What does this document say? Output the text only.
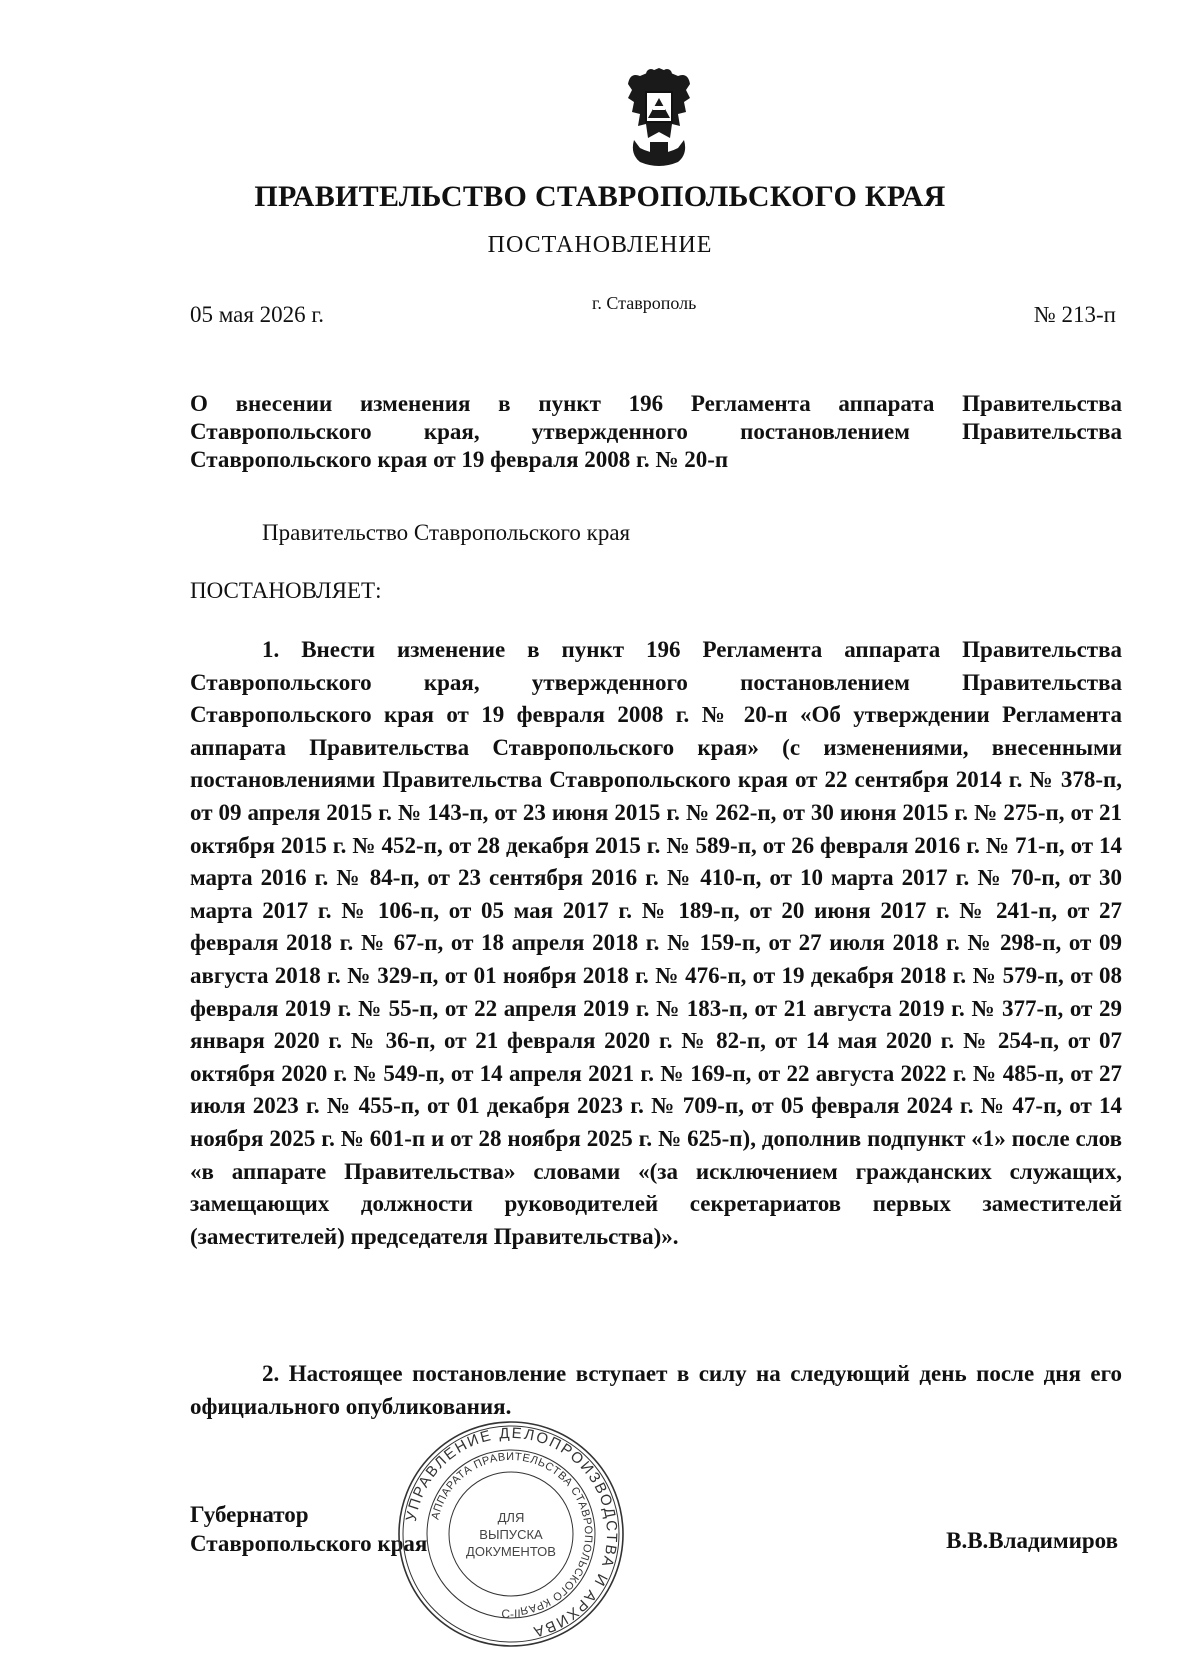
ПРАВИТЕЛЬСТВО СТАВРОПОЛЬСКОГО КРАЯ
ПОСТАНОВЛЕНИЕ
05 мая 2026 г.	г. Ставрополь	№ 213-п
О внесении изменения в пункт 196 Регламента аппарата Правительства Ставропольского края, утвержденного постановлением Правительства Ставропольского края от 19 февраля 2008 г. № 20-п
Правительство Ставропольского края
ПОСТАНОВЛЯЕТ:
1. Внести изменение в пункт 196 Регламента аппарата Правительства Ставропольского края, утвержденного постановлением Правительства Ставропольского края от 19 февраля 2008 г. № 20-п «Об утверждении Регламента аппарата Правительства Ставропольского края» (с изменениями, внесенными постановлениями Правительства Ставропольского края от 22 сентября 2014 г. № 378-п, от 09 апреля 2015 г. № 143-п, от 23 июня 2015 г. № 262-п, от 30 июня 2015 г. № 275-п, от 21 октября 2015 г. № 452-п, от 28 декабря 2015 г. № 589-п, от 26 февраля 2016 г. № 71-п, от 14 марта 2016 г. № 84-п, от 23 сентября 2016 г. № 410-п, от 10 марта 2017 г. № 70-п, от 30 марта 2017 г. № 106-п, от 05 мая 2017 г. № 189-п, от 20 июня 2017 г. № 241-п, от 27 февраля 2018 г. № 67-п, от 18 апреля 2018 г. № 159-п, от 27 июля 2018 г. № 298-п, от 09 августа 2018 г. № 329-п, от 01 ноября 2018 г. № 476-п, от 19 декабря 2018 г. № 579-п, от 08 февраля 2019 г. № 55-п, от 22 апреля 2019 г. № 183-п, от 21 августа 2019 г. № 377-п, от 29 января 2020 г. № 36-п, от 21 февраля 2020 г. № 82-п, от 14 мая 2020 г. № 254-п, от 07 октября 2020 г. № 549-п, от 14 апреля 2021 г. № 169-п, от 22 августа 2022 г. № 485-п, от 27 июля 2023 г. № 455-п, от 01 декабря 2023 г. № 709-п, от 05 февраля 2024 г. № 47-п, от 14 ноября 2025 г. № 601-п и от 28 ноября 2025 г. № 625-п), дополнив подпункт «1» после слов «в аппарате Правительства» словами «(за исключением гражданских служащих, замещающих должности руководителей секретариатов первых заместителей (заместителей) председателя Правительства)».
2. Настоящее постановление вступает в силу на следующий день после дня его официального опубликования.
Губернатор
Ставропольского края	В.В.Владимиров
УПРАВЛЕНИЕ ДЕЛОПРОИЗВОДСТВА И АРХИВА
АППАРАТА ПРАВИТЕЛЬСТВА СТАВРОПОЛЬСКОГО КРАЯ
ДЛЯ
ВЫПУСКА
ДОКУМЕНТОВ
С-II
